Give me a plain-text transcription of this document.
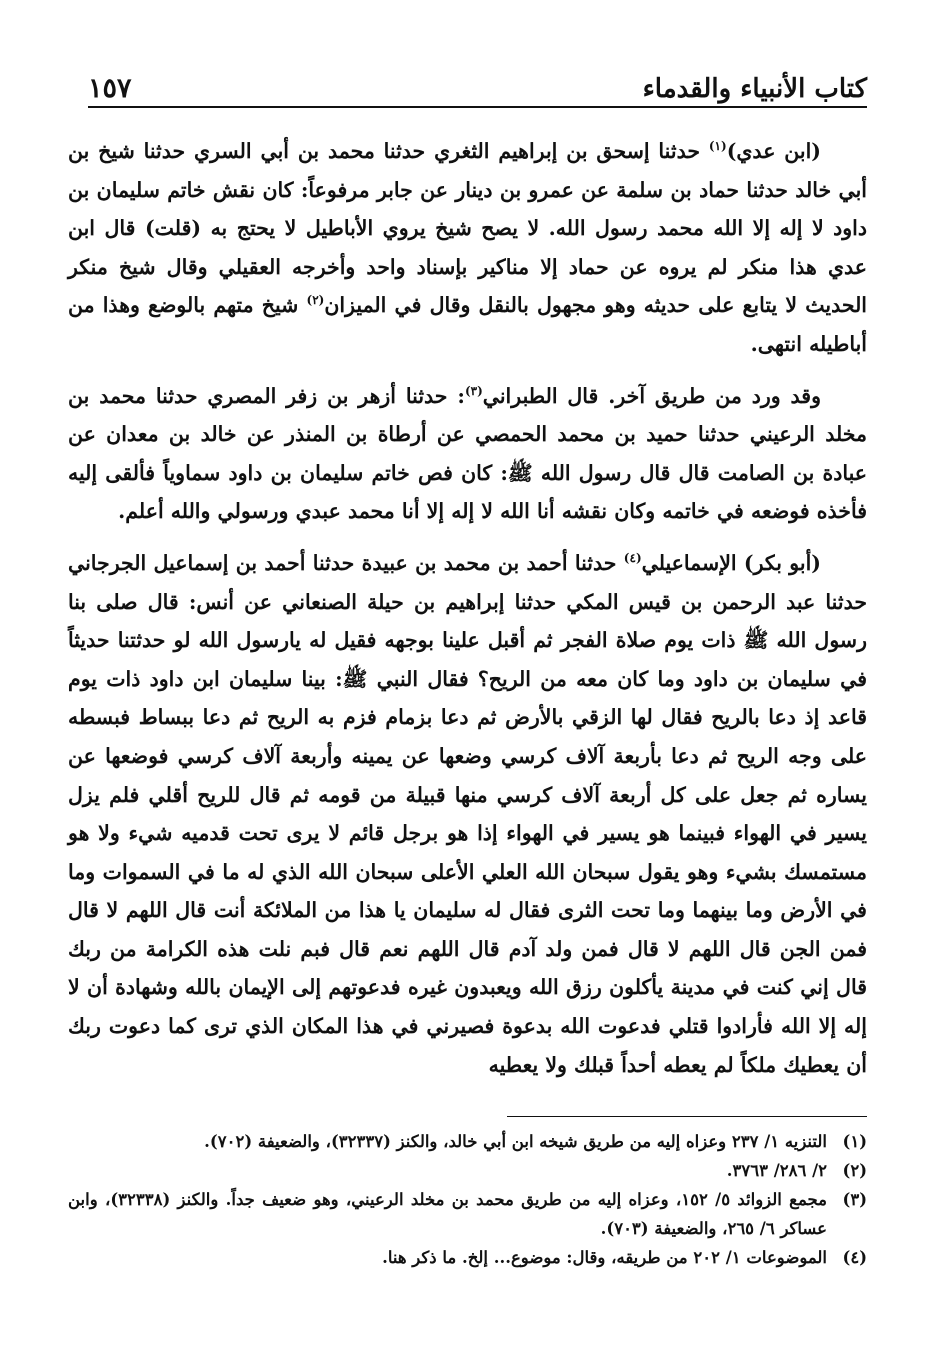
كتاب الأنبياء والقدماء
١٥٧

(ابن عدي)$^{(١)}$ حدثنا إسحق بن إبراهيم الثغري حدثنا محمد بن أبي السري حدثنا شيخ بن أبي خالد حدثنا حماد بن سلمة عن عمرو بن دينار عن جابر مرفوعاً: كان نقش خاتم سليمان بن داود لا إله إلا الله محمد رسول الله. لا يصح شيخ يروي الأباطيل لا يحتج به (قلت) قال ابن عدي هذا منكر لم يروه عن حماد إلا مناكير بإسناد واحد وأخرجه العقيلي وقال شيخ منكر الحديث لا يتابع على حديثه وهو مجهول بالنقل وقال في الميزان$^{(٢)}$ شيخ متهم بالوضع وهذا من أباطيله انتهى.

وقد ورد من طريق آخر. قال الطبراني$^{(٣)}$: حدثنا أزهر بن زفر المصري حدثنا محمد بن مخلد الرعيني حدثنا حميد بن محمد الحمصي عن أرطاة بن المنذر عن خالد بن معدان عن عبادة بن الصامت قال قال رسول الله ﷺ: كان فص خاتم سليمان بن داود سماوياً فألقى إليه فأخذه فوضعه في خاتمه وكان نقشه أنا الله لا إله إلا أنا محمد عبدي ورسولي والله أعلم.

(أبو بكر) الإسماعيلي$^{(٤)}$ حدثنا أحمد بن محمد بن عبيدة حدثنا أحمد بن إسماعيل الجرجاني حدثنا عبد الرحمن بن قيس المكي حدثنا إبراهيم بن حيلة الصنعاني عن أنس: قال صلى بنا رسول الله ﷺ ذات يوم صلاة الفجر ثم أقبل علينا بوجهه فقيل له يارسول الله لو حدثتنا حديثاً في سليمان بن داود وما كان معه من الريح؟ فقال النبي ﷺ: بينا سليمان ابن داود ذات يوم قاعد إذ دعا بالريح فقال لها الزقي بالأرض ثم دعا بزمام فزم به الريح ثم دعا ببساط فبسطه على وجه الريح ثم دعا بأربعة آلاف كرسي وضعها عن يمينه وأربعة آلاف كرسي فوضعها عن يساره ثم جعل على كل أربعة آلاف كرسي منها قبيلة من قومه ثم قال للريح أقلي فلم يزل يسير في الهواء فبينما هو يسير في الهواء إذا هو برجل قائم لا يرى تحت قدميه شيء ولا هو مستمسك بشيء وهو يقول سبحان الله العلي الأعلى سبحان الله الذي له ما في السموات وما في الأرض وما بينهما وما تحت الثرى فقال له سليمان يا هذا من الملائكة أنت قال اللهم لا قال فمن الجن قال اللهم لا قال فمن ولد آدم قال اللهم نعم قال فبم نلت هذه الكرامة من ربك قال إني كنت في مدينة يأكلون رزق الله ويعبدون غيره فدعوتهم إلى الإيمان بالله وشهادة أن لا إله إلا الله فأرادوا قتلي فدعوت الله بدعوة فصيرني في هذا المكان الذي ترى كما دعوت ربك أن يعطيك ملكاً لم يعطه أحداً قبلك ولا يعطيه

(١)
التنزيه ١/ ٢٣٧ وعزاه إليه من طريق شيخه ابن أبي خالد، والكنز (٣٢٣٣٧)، والضعيفة (٧٠٢).
(٢)
٢/ ٢٨٦/ ٣٧٦٣.
(٣)
مجمع الزوائد ٥/ ١٥٢، وعزاه إليه من طريق محمد بن مخلد الرعيني، وهو ضعيف جداً. والكنز (٣٢٣٣٨)، وابن عساكر ٦/ ٢٦٥، والضعيفة (٧٠٣).
(٤)
الموضوعات ١/ ٢٠٢ من طريقه، وقال: موضوع... إلخ. ما ذكر هنا.
